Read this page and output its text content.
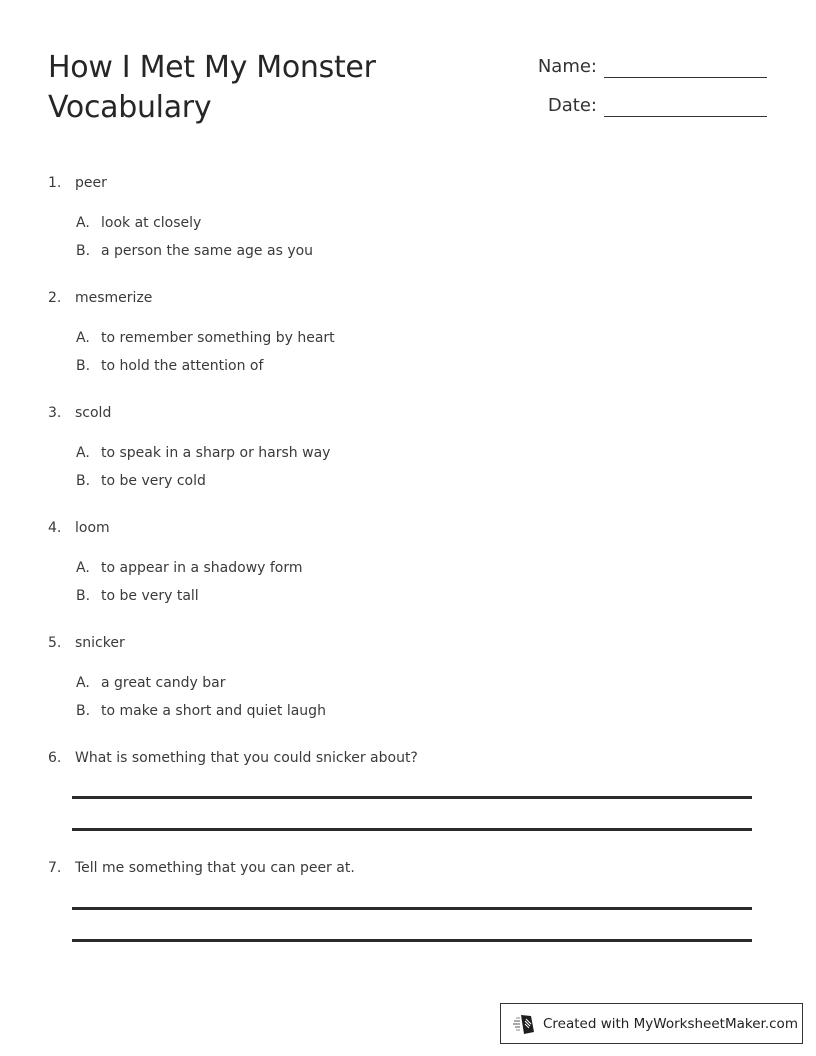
How I Met My Monster
Vocabulary
Name:
Date:
1. peer
A. look at closely
B. a person the same age as you
2. mesmerize
A. to remember something by heart
B. to hold the attention of
3. scold
A. to speak in a sharp or harsh way
B. to be very cold
4. loom
A. to appear in a shadowy form
B. to be very tall
5. snicker
A. a great candy bar
B. to make a short and quiet laugh
6. What is something that you could snicker about?
7. Tell me something that you can peer at.
Created with MyWorksheetMaker.com
